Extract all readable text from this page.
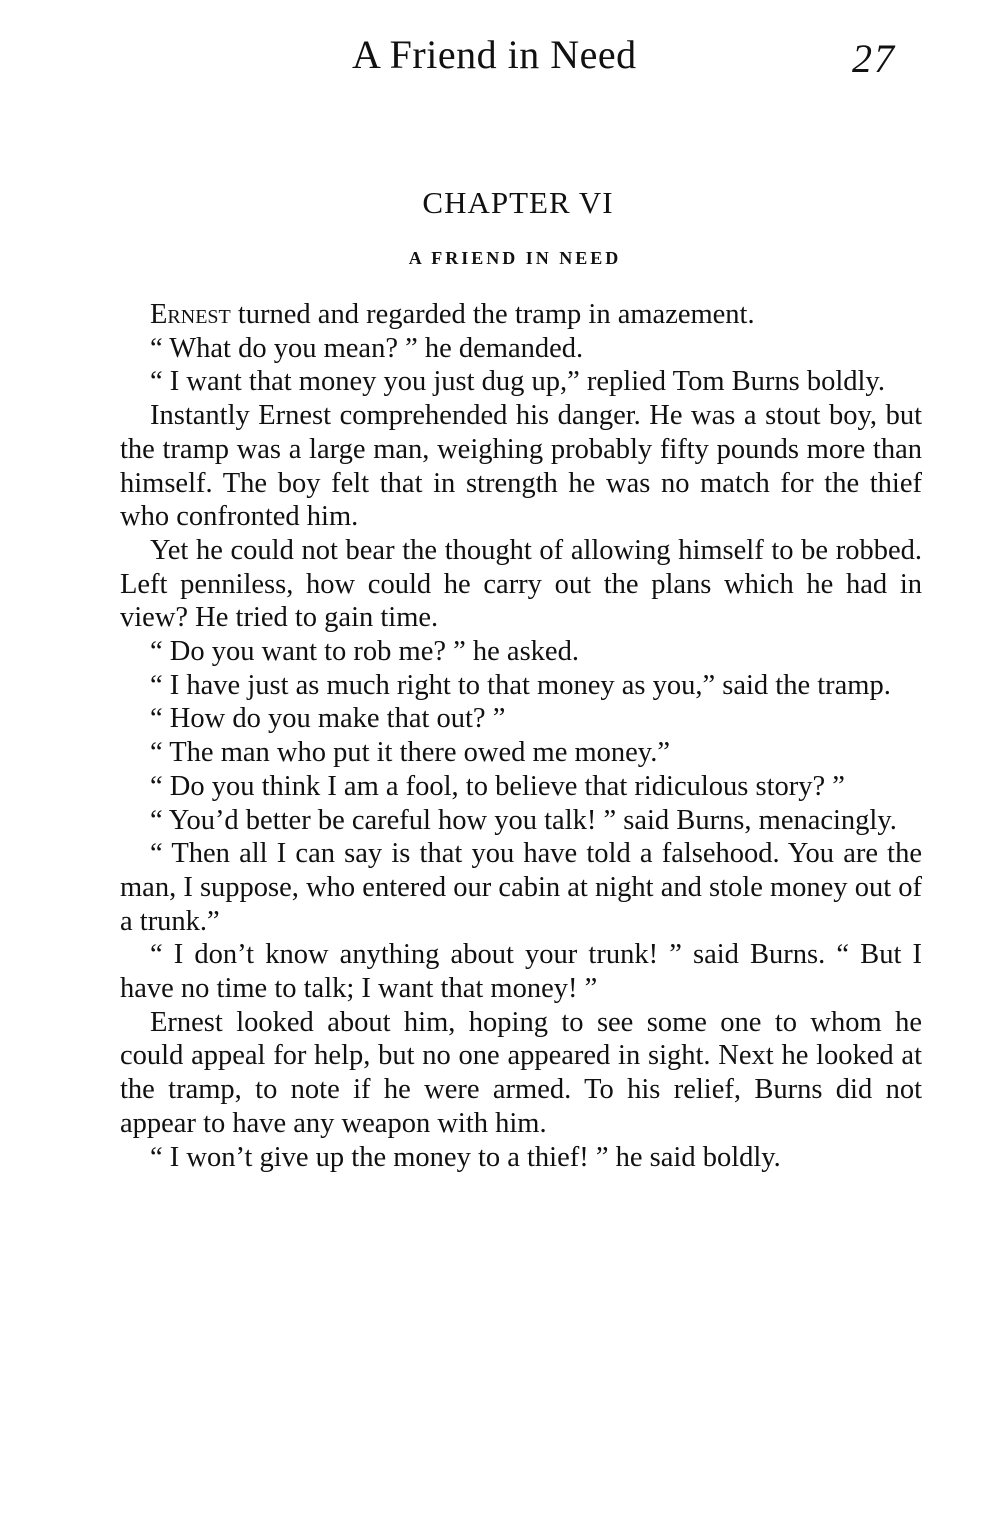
A Friend in Need	27
CHAPTER VI
A FRIEND IN NEED

Ernest turned and regarded the tramp in amazement.

“ What do you mean? ” he demanded.

“ I want that money you just dug up,” replied Tom Burns boldly.

Instantly Ernest comprehended his danger. He was a stout boy, but the tramp was a large man, weighing probably fifty pounds more than himself. The boy felt that in strength he was no match for the thief who confronted him.

Yet he could not bear the thought of allowing himself to be robbed. Left penniless, how could he carry out the plans which he had in view? He tried to gain time.

“ Do you want to rob me? ” he asked.

“ I have just as much right to that money as you,” said the tramp.

“ How do you make that out? ”

“ The man who put it there owed me money.”

“ Do you think I am a fool, to believe that ridiculous story? ”

“ You’d better be careful how you talk! ” said Burns, menacingly.

“ Then all I can say is that you have told a falsehood. You are the man, I suppose, who entered our cabin at night and stole money out of a trunk.”

“ I don’t know anything about your trunk! ” said Burns. “ But I have no time to talk; I want that money! ”

Ernest looked about him, hoping to see some one to whom he could appeal for help, but no one appeared in sight. Next he looked at the tramp, to note if he were armed. To his relief, Burns did not appear to have any weapon with him.

“ I won’t give up the money to a thief! ” he said boldly.
